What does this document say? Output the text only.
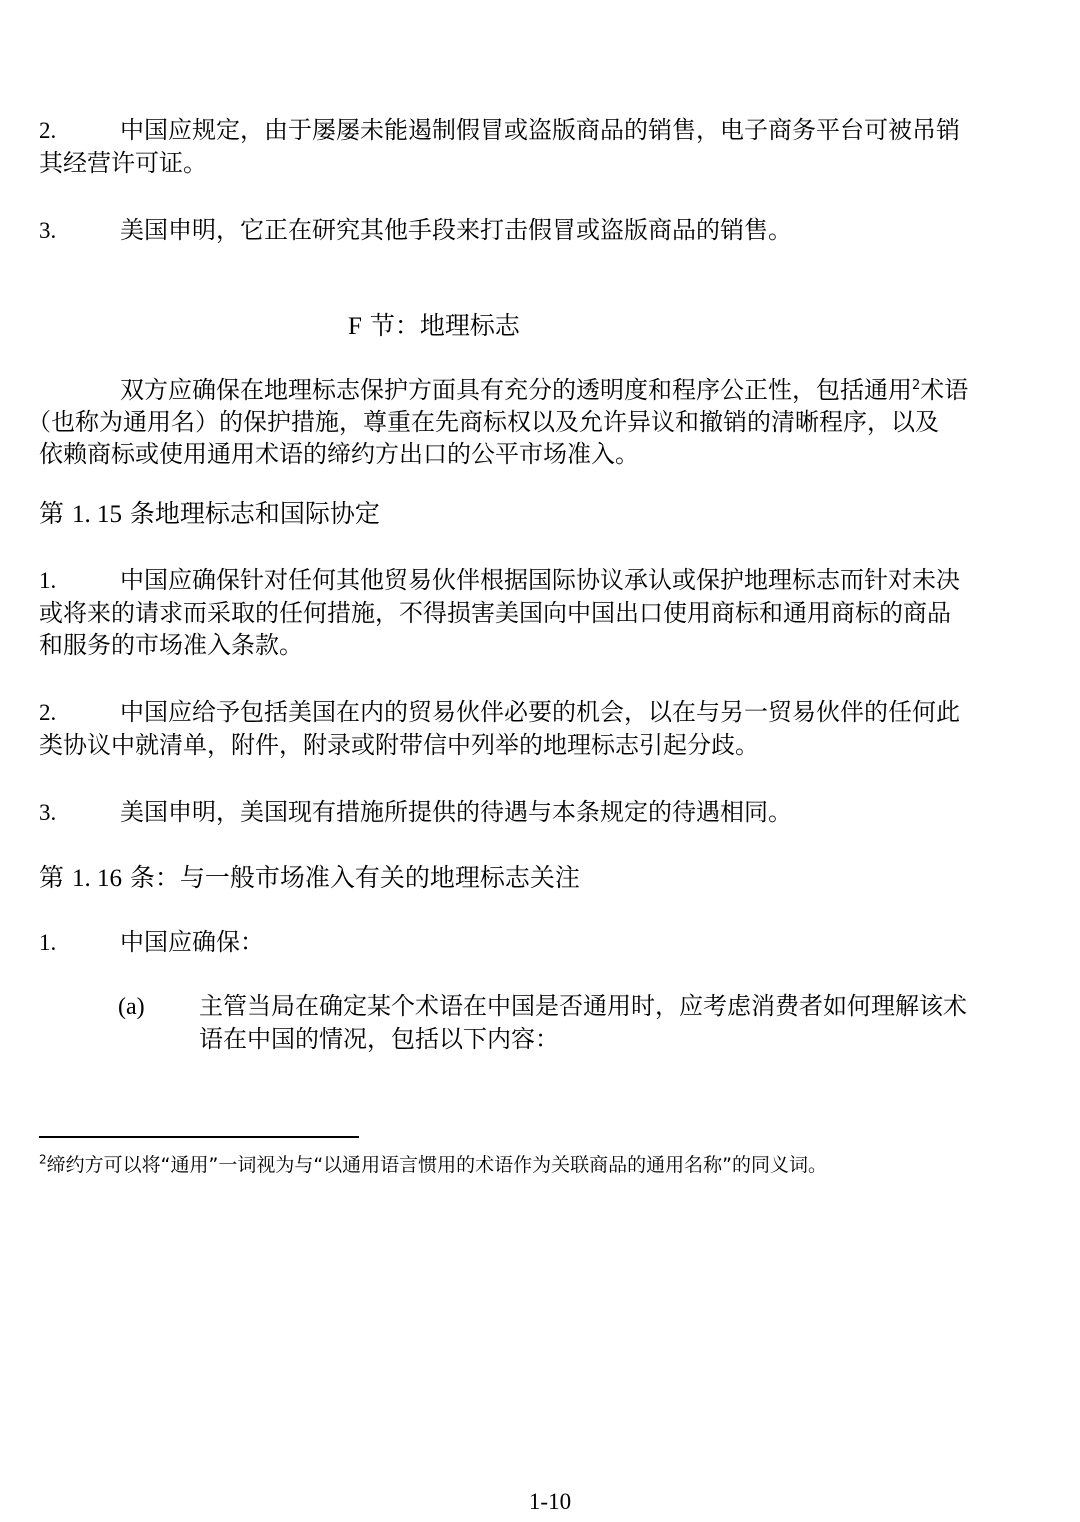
2.	中国应规定，由于屡屡未能遏制假冒或盗版商品的销售，电子商务平台可被吊销
其经营许可证。
3.	美国申明，它正在研究其他手段来打击假冒或盗版商品的销售。
F 节：地理标志
双方应确保在地理标志保护方面具有充分的透明度和程序公正性，包括通用$^2$术语
（也称为通用名）的保护措施，尊重在先商标权以及允许异议和撤销的清晰程序，以及
依赖商标或使用通用术语的缔约方出口的公平市场准入。
第 1. 15 条地理标志和国际协定
1.	中国应确保针对任何其他贸易伙伴根据国际协议承认或保护地理标志而针对未决
或将来的请求而采取的任何措施，不得损害美国向中国出口使用商标和通用商标的商品
和服务的市场准入条款。
2.	中国应给予包括美国在内的贸易伙伴必要的机会，以在与另一贸易伙伴的任何此
类协议中就清单，附件，附录或附带信中列举的地理标志引起分歧。
3.	美国申明，美国现有措施所提供的待遇与本条规定的待遇相同。
第 1. 16 条：与一般市场准入有关的地理标志关注
1.	中国应确保：
(a) 主管当局在确定某个术语在中国是否通用时，应考虑消费者如何理解该术
语在中国的情况，包括以下内容：
$^2$缔约方可以将“通用”一词视为与“以通用语言惯用的术语作为关联商品的通用名称”的同义词。
1-10
